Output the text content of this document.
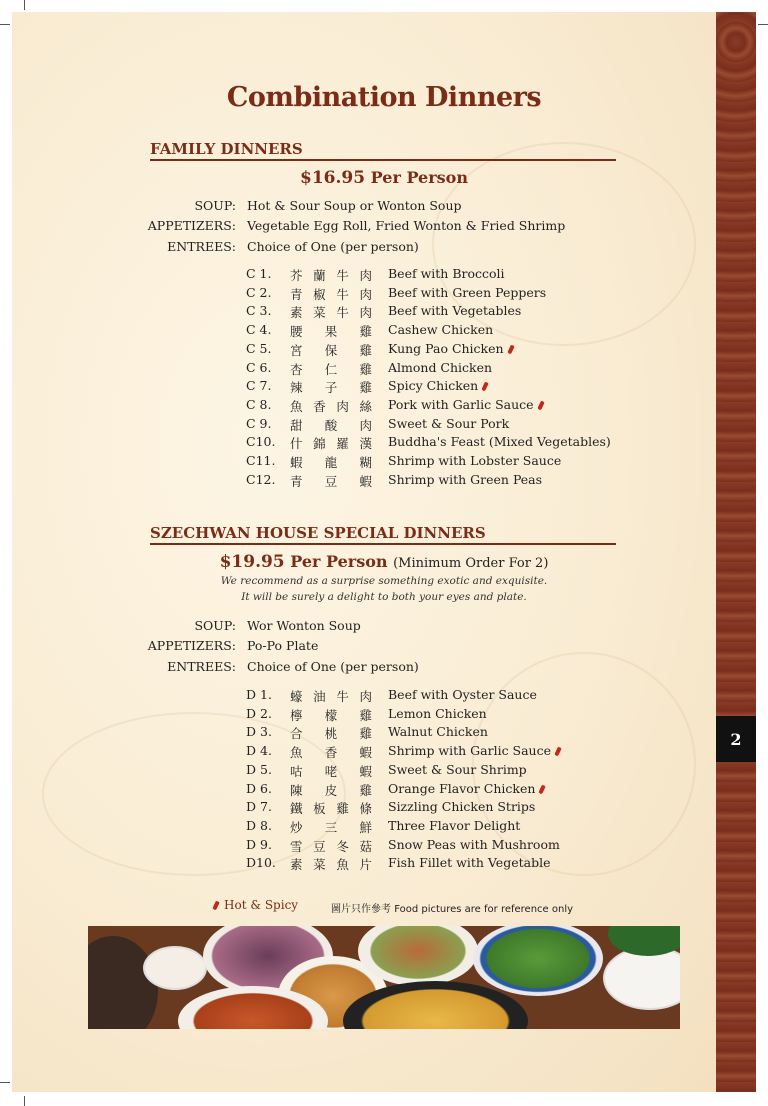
2
Combination Dinners
FAMILY DINNERS
$16.95 Per Person
SOUP: Hot & Sour Soup or Wonton Soup
APPETIZERS: Vegetable Egg Roll, Fried Wonton & Fried Shrimp
ENTREES: Choice of One (per person)
C 1. 芥 蘭 牛 肉 Beef with Broccoli
C 2. 青 椒 牛 肉 Beef with Green Peppers
C 3. 素 菜 牛 肉 Beef with Vegetables
C 4. 腰 果 雞 Cashew Chicken
C 5. 宮 保 雞 Kung Pao Chicken
C 6. 杏 仁 雞 Almond Chicken
C 7. 辣 子 雞 Spicy Chicken
C 8. 魚 香 肉 絲 Pork with Garlic Sauce
C 9. 甜 酸 肉 Sweet & Sour Pork
C10. 什 錦 羅 漢 Buddha's Feast (Mixed Vegetables)
C11. 蝦 龍 糊 Shrimp with Lobster Sauce
C12. 青 豆 蝦 Shrimp with Green Peas
SZECHWAN HOUSE SPECIAL DINNERS
$19.95 Per Person (Minimum Order For 2)
We recommend as a surprise something exotic and exquisite.
It will be surely a delight to both your eyes and plate.
SOUP: Wor Wonton Soup
APPETIZERS: Po-Po Plate
ENTREES: Choice of One (per person)
D 1. 蠔 油 牛 肉 Beef with Oyster Sauce
D 2. 檸 檬 雞 Lemon Chicken
D 3. 合 桃 雞 Walnut Chicken
D 4. 魚 香 蝦 Shrimp with Garlic Sauce
D 5. 咕 咾 蝦 Sweet & Sour Shrimp
D 6. 陳 皮 雞 Orange Flavor Chicken
D 7. 鐵 板 雞 條 Sizzling Chicken Strips
D 8. 炒 三 鮮 Three Flavor Delight
D 9. 雪 豆 冬 菇 Snow Peas with Mushroom
D10. 素 菜 魚 片 Fish Fillet with Vegetable
Hot & Spicy	圖片只作參考 Food pictures are for reference only
